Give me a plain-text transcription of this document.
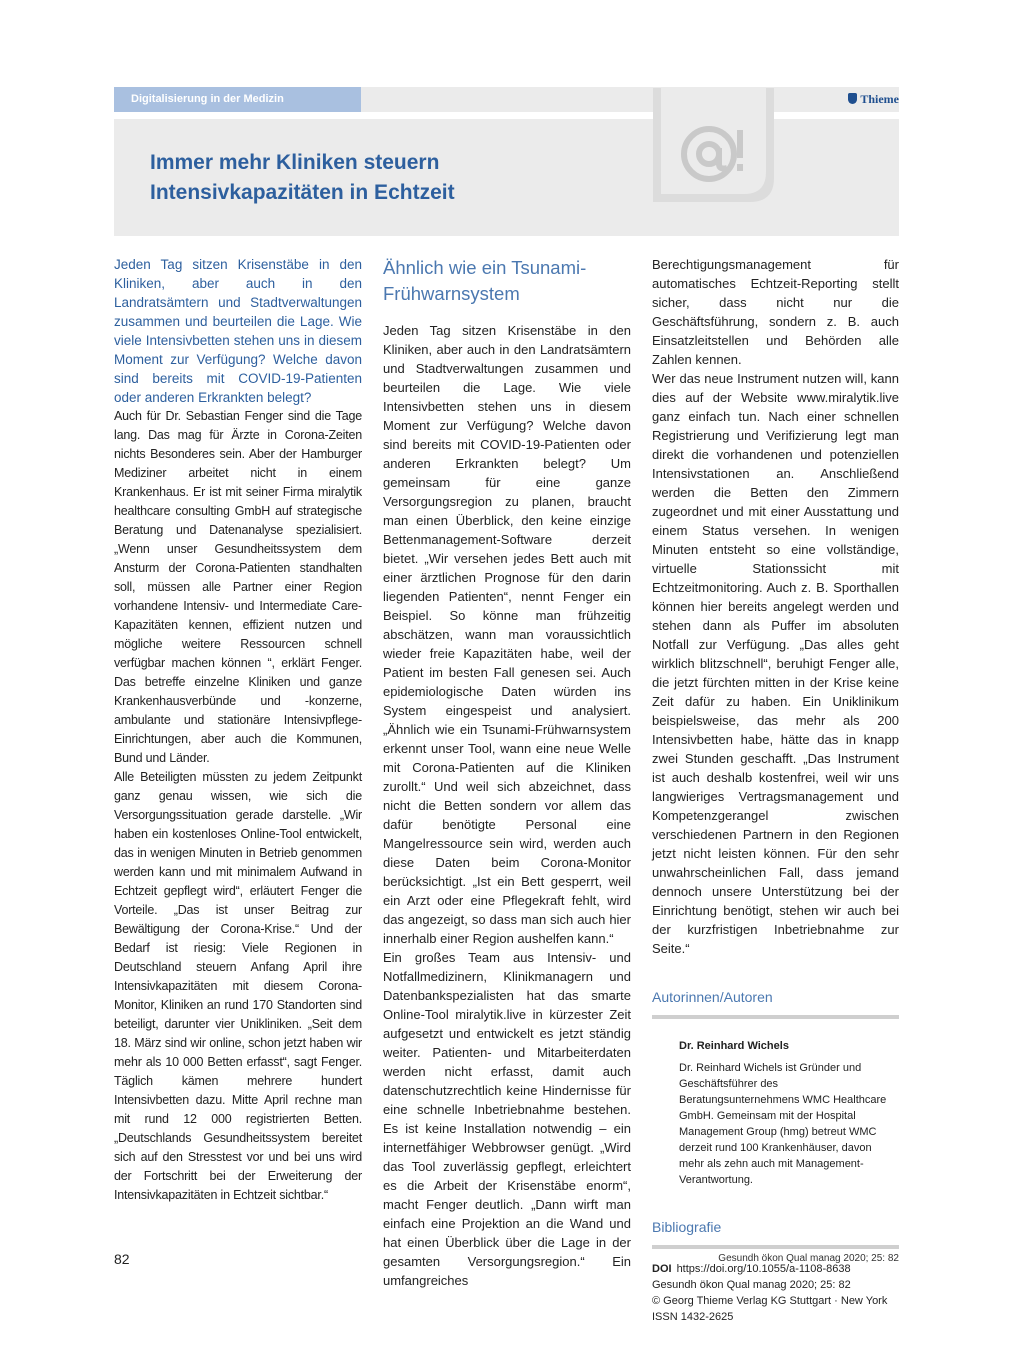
Digitalisierung in der Medizin	Thieme
Immer mehr Kliniken steuern
Intensivkapazitäten in Echtzeit

Jeden Tag sitzen Krisenstäbe in den Kliniken, aber auch in den Landratsämtern und Stadtverwaltungen zusammen und beurteilen die Lage. Wie viele Intensivbetten stehen uns in diesem Moment zur Verfügung? Welche davon sind bereits mit COVID-19-Patienten oder anderen Erkrankten belegt?

Auch für Dr. Sebastian Fenger sind die Tage lang. Das mag für Ärzte in Corona-Zeiten nichts Besonderes sein. Aber der Hamburger Mediziner arbeitet nicht in einem Krankenhaus. Er ist mit seiner Firma miralytik healthcare consulting GmbH auf strategische Beratung und Datenanalyse spezialisiert. „Wenn unser Gesundheitssystem dem Ansturm der Corona-Patienten standhalten soll, müssen alle Partner einer Region vorhandene Intensiv- und Intermediate Care-Kapazitäten kennen, effizient nutzen und mögliche weitere Ressourcen schnell verfügbar machen können “, erklärt Fenger. Das betreffe einzelne Kliniken und ganze Krankenhausverbünde und -konzerne, ambulante und stationäre Intensivpflege-Einrichtungen, aber auch die Kommunen, Bund und Länder.

Alle Beteiligten müssten zu jedem Zeitpunkt ganz genau wissen, wie sich die Versorgungssituation gerade darstelle. „Wir haben ein kostenloses Online-Tool entwickelt, das in wenigen Minuten in Betrieb genommen werden kann und mit minimalem Aufwand in Echtzeit gepflegt wird“, erläutert Fenger die Vorteile. „Das ist unser Beitrag zur Bewältigung der Corona-Krise.“ Und der Bedarf ist riesig: Viele Regionen in Deutschland steuern Anfang April ihre Intensivkapazitäten mit diesem Corona-Monitor, Kliniken an rund 170 Standorten sind beteiligt, darunter vier Unikliniken. „Seit dem 18. März sind wir online, schon jetzt haben wir mehr als 10 000 Betten erfasst“, sagt Fenger. Täglich kämen mehrere hundert Intensivbetten dazu. Mitte April rechne man mit rund 12 000 registrierten Betten. „Deutschlands Gesundheitssystem bereitet sich auf den Stresstest vor und bei uns wird der Fortschritt bei der Erweiterung der Intensivkapazitäten in Echtzeit sichtbar.“

Ähnlich wie ein Tsunami-Frühwarnsystem

Jeden Tag sitzen Krisenstäbe in den Kliniken, aber auch in den Landratsämtern und Stadtverwaltungen zusammen und beurteilen die Lage. Wie viele Intensivbetten stehen uns in diesem Moment zur Verfügung? Welche davon sind bereits mit COVID-19-Patienten oder anderen Erkrankten belegt? Um gemeinsam für eine ganze Versorgungsregion zu planen, braucht man einen Überblick, den keine einzige Bettenmanagement-Software derzeit bietet. „Wir versehen jedes Bett auch mit einer ärztlichen Prognose für den darin liegenden Patienten“, nennt Fenger ein Beispiel. So könne man frühzeitig abschätzen, wann man voraussichtlich wieder freie Kapazitäten habe, weil der Patient im besten Fall genesen sei. Auch epidemiologische Daten würden ins System eingespeist und analysiert. „Ähnlich wie ein Tsunami-Frühwarnsystem erkennt unser Tool, wann eine neue Welle mit Corona-Patienten auf die Kliniken zurollt.“ Und weil sich abzeichnet, dass nicht die Betten sondern vor allem das dafür benötigte Personal eine Mangelressource sein wird, werden auch diese Daten beim Corona-Monitor berücksichtigt. „Ist ein Bett gesperrt, weil ein Arzt oder eine Pflegekraft fehlt, wird das angezeigt, so dass man sich auch hier innerhalb einer Region aushelfen kann.“

Ein großes Team aus Intensiv- und Notfallmedizinern, Klinikmanagern und Datenbankspezialisten hat das smarte Online-Tool miralytik.live in kürzester Zeit aufgesetzt und entwickelt es jetzt ständig weiter. Patienten- und Mitarbeiterdaten werden nicht erfasst, damit auch datenschutzrechtlich keine Hindernisse für eine schnelle Inbetriebnahme bestehen. Es ist keine Installation notwendig – ein internetfähiger Webbrowser genügt. „Wird das Tool zuverlässig gepflegt, erleichtert es die Arbeit der Krisenstäbe enorm“, macht Fenger deutlich. „Dann wirft man einfach eine Projektion an die Wand und hat einen Überblick über die Lage in der gesamten Versorgungsregion.“ Ein umfangreiches

Berechtigungsmanagement für automatisches Echtzeit-Reporting stellt sicher, dass nicht nur die Geschäftsführung, sondern z. B. auch Einsatzleitstellen und Behörden alle Zahlen kennen.

Wer das neue Instrument nutzen will, kann dies auf der Website www.miralytik.live ganz einfach tun. Nach einer schnellen Registrierung und Verifizierung legt man direkt die vorhandenen und potenziellen Intensivstationen an. Anschließend werden die Betten den Zimmern zugeordnet und mit einer Ausstattung und einem Status versehen. In wenigen Minuten entsteht so eine vollständige, virtuelle Stationssicht mit Echtzeitmonitoring. Auch z. B. Sporthallen können hier bereits angelegt werden und stehen dann als Puffer im absoluten Notfall zur Verfügung. „Das alles geht wirklich blitzschnell“, beruhigt Fenger alle, die jetzt fürchten mitten in der Krise keine Zeit dafür zu haben. Ein Uniklinikum beispielsweise, das mehr als 200 Intensivbetten habe, hätte das in knapp zwei Stunden geschafft. „Das Instrument ist auch deshalb kostenfrei, weil wir uns langwieriges Vertragsmanagement und Kompetenzgerangel zwischen verschiedenen Partnern in den Regionen jetzt nicht leisten können. Für den sehr unwahrscheinlichen Fall, dass jemand dennoch unsere Unterstützung bei der Einrichtung benötigt, stehen wir auch bei der kurzfristigen Inbetriebnahme zur Seite.“

Autorinnen/Autoren
Dr. Reinhard Wichels
Dr. Reinhard Wichels ist Gründer und Geschäftsführer des Beratungsunternehmens WMC Healthcare GmbH. Gemeinsam mit der Hospital Management Group (hmg) betreut WMC derzeit rund 100 Krankenhäuser, davon mehr als zehn auch mit Management-Verantwortung.
Bibliografie
DOI https://doi.org/10.1055/a-1108-8638
Gesundh ökon Qual manag 2020; 25: 82
© Georg Thieme Verlag KG Stuttgart · New York
ISSN 1432-2625
82	Gesundh ökon Qual manag 2020; 25: 82
